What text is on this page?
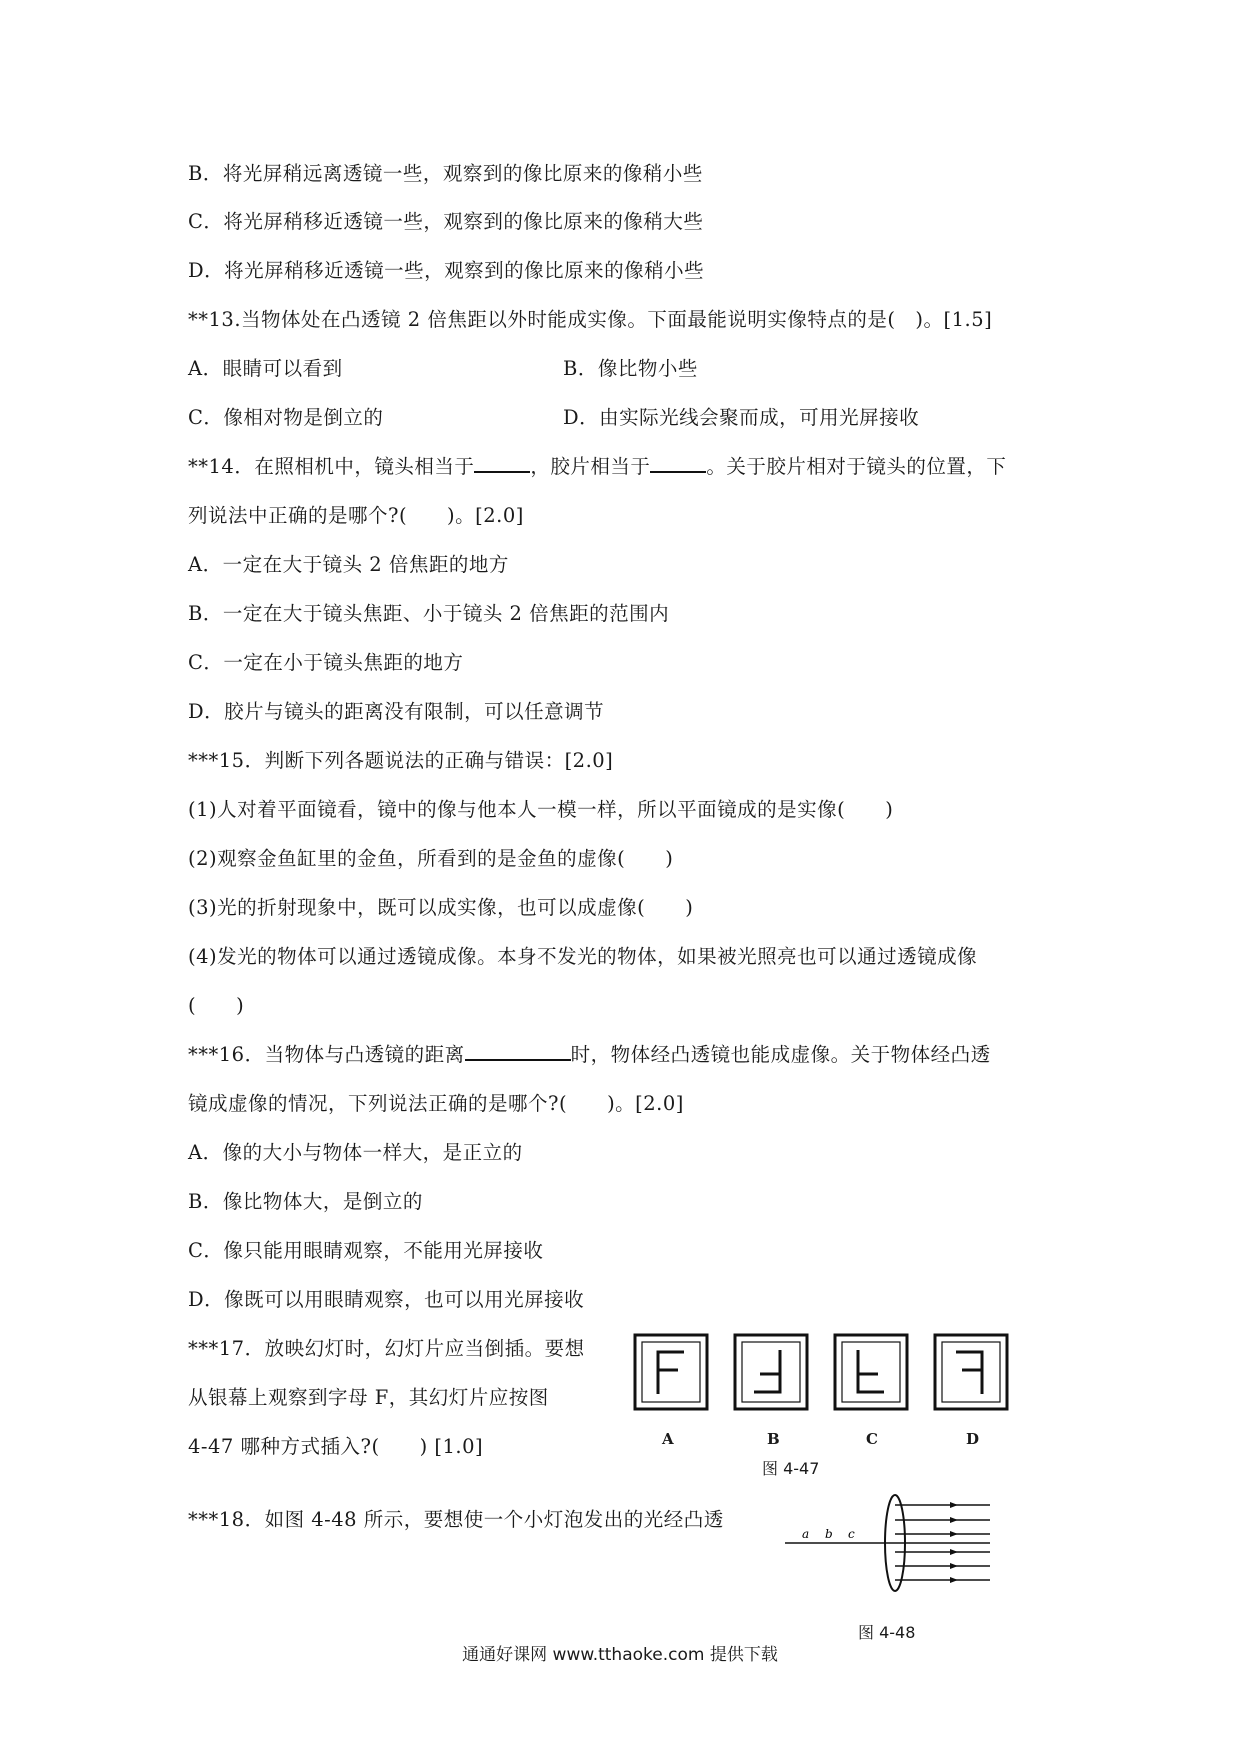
B．将光屏稍远离透镜一些，观察到的像比原来的像稍小些
C．将光屏稍移近透镜一些，观察到的像比原来的像稍大些
D．将光屏稍移近透镜一些，观察到的像比原来的像稍小些
**13.当物体处在凸透镜 2 倍焦距以外时能成实像。下面最能说明实像特点的是(　)。[1.5]
A．眼睛可以看到	B．像比物小些
C．像相对物是倒立的	D．由实际光线会聚而成，可用光屏接收
**14．在照相机中，镜头相当于	，胶片相当于	。关于胶片相对于镜头的位置，下
列说法中正确的是哪个?(　　)。[2.0]
A．一定在大于镜头 2 倍焦距的地方
B．一定在大于镜头焦距、小于镜头 2 倍焦距的范围内
C．一定在小于镜头焦距的地方
D．胶片与镜头的距离没有限制，可以任意调节
***15．判断下列各题说法的正确与错误：[2.0]
(1)人对着平面镜看，镜中的像与他本人一模一样，所以平面镜成的是实像(　　)
(2)观察金鱼缸里的金鱼，所看到的是金鱼的虚像(　　)
(3)光的折射现象中，既可以成实像，也可以成虚像(　　)
(4)发光的物体可以通过透镜成像。本身不发光的物体，如果被光照亮也可以通过透镜成像
(　　)
***16．当物体与凸透镜的距离	时，物体经凸透镜也能成虚像。关于物体经凸透
镜成虚像的情况，下列说法正确的是哪个?(　　)。[2.0]
A．像的大小与物体一样大，是正立的
B．像比物体大，是倒立的
C．像只能用眼睛观察，不能用光屏接收
D．像既可以用眼睛观察，也可以用光屏接收
***17．放映幻灯时，幻灯片应当倒插。要想
从银幕上观察到字母 F，其幻灯片应按图
4-47 哪种方式插入?(　　) [1.0]	A	B	C	D
图 4-47
***18．如图 4-48 所示，要想使一个小灯泡发出的光经凸透
a b c
图 4-48
通通好课网 www.tthaoke.com 提供下载
